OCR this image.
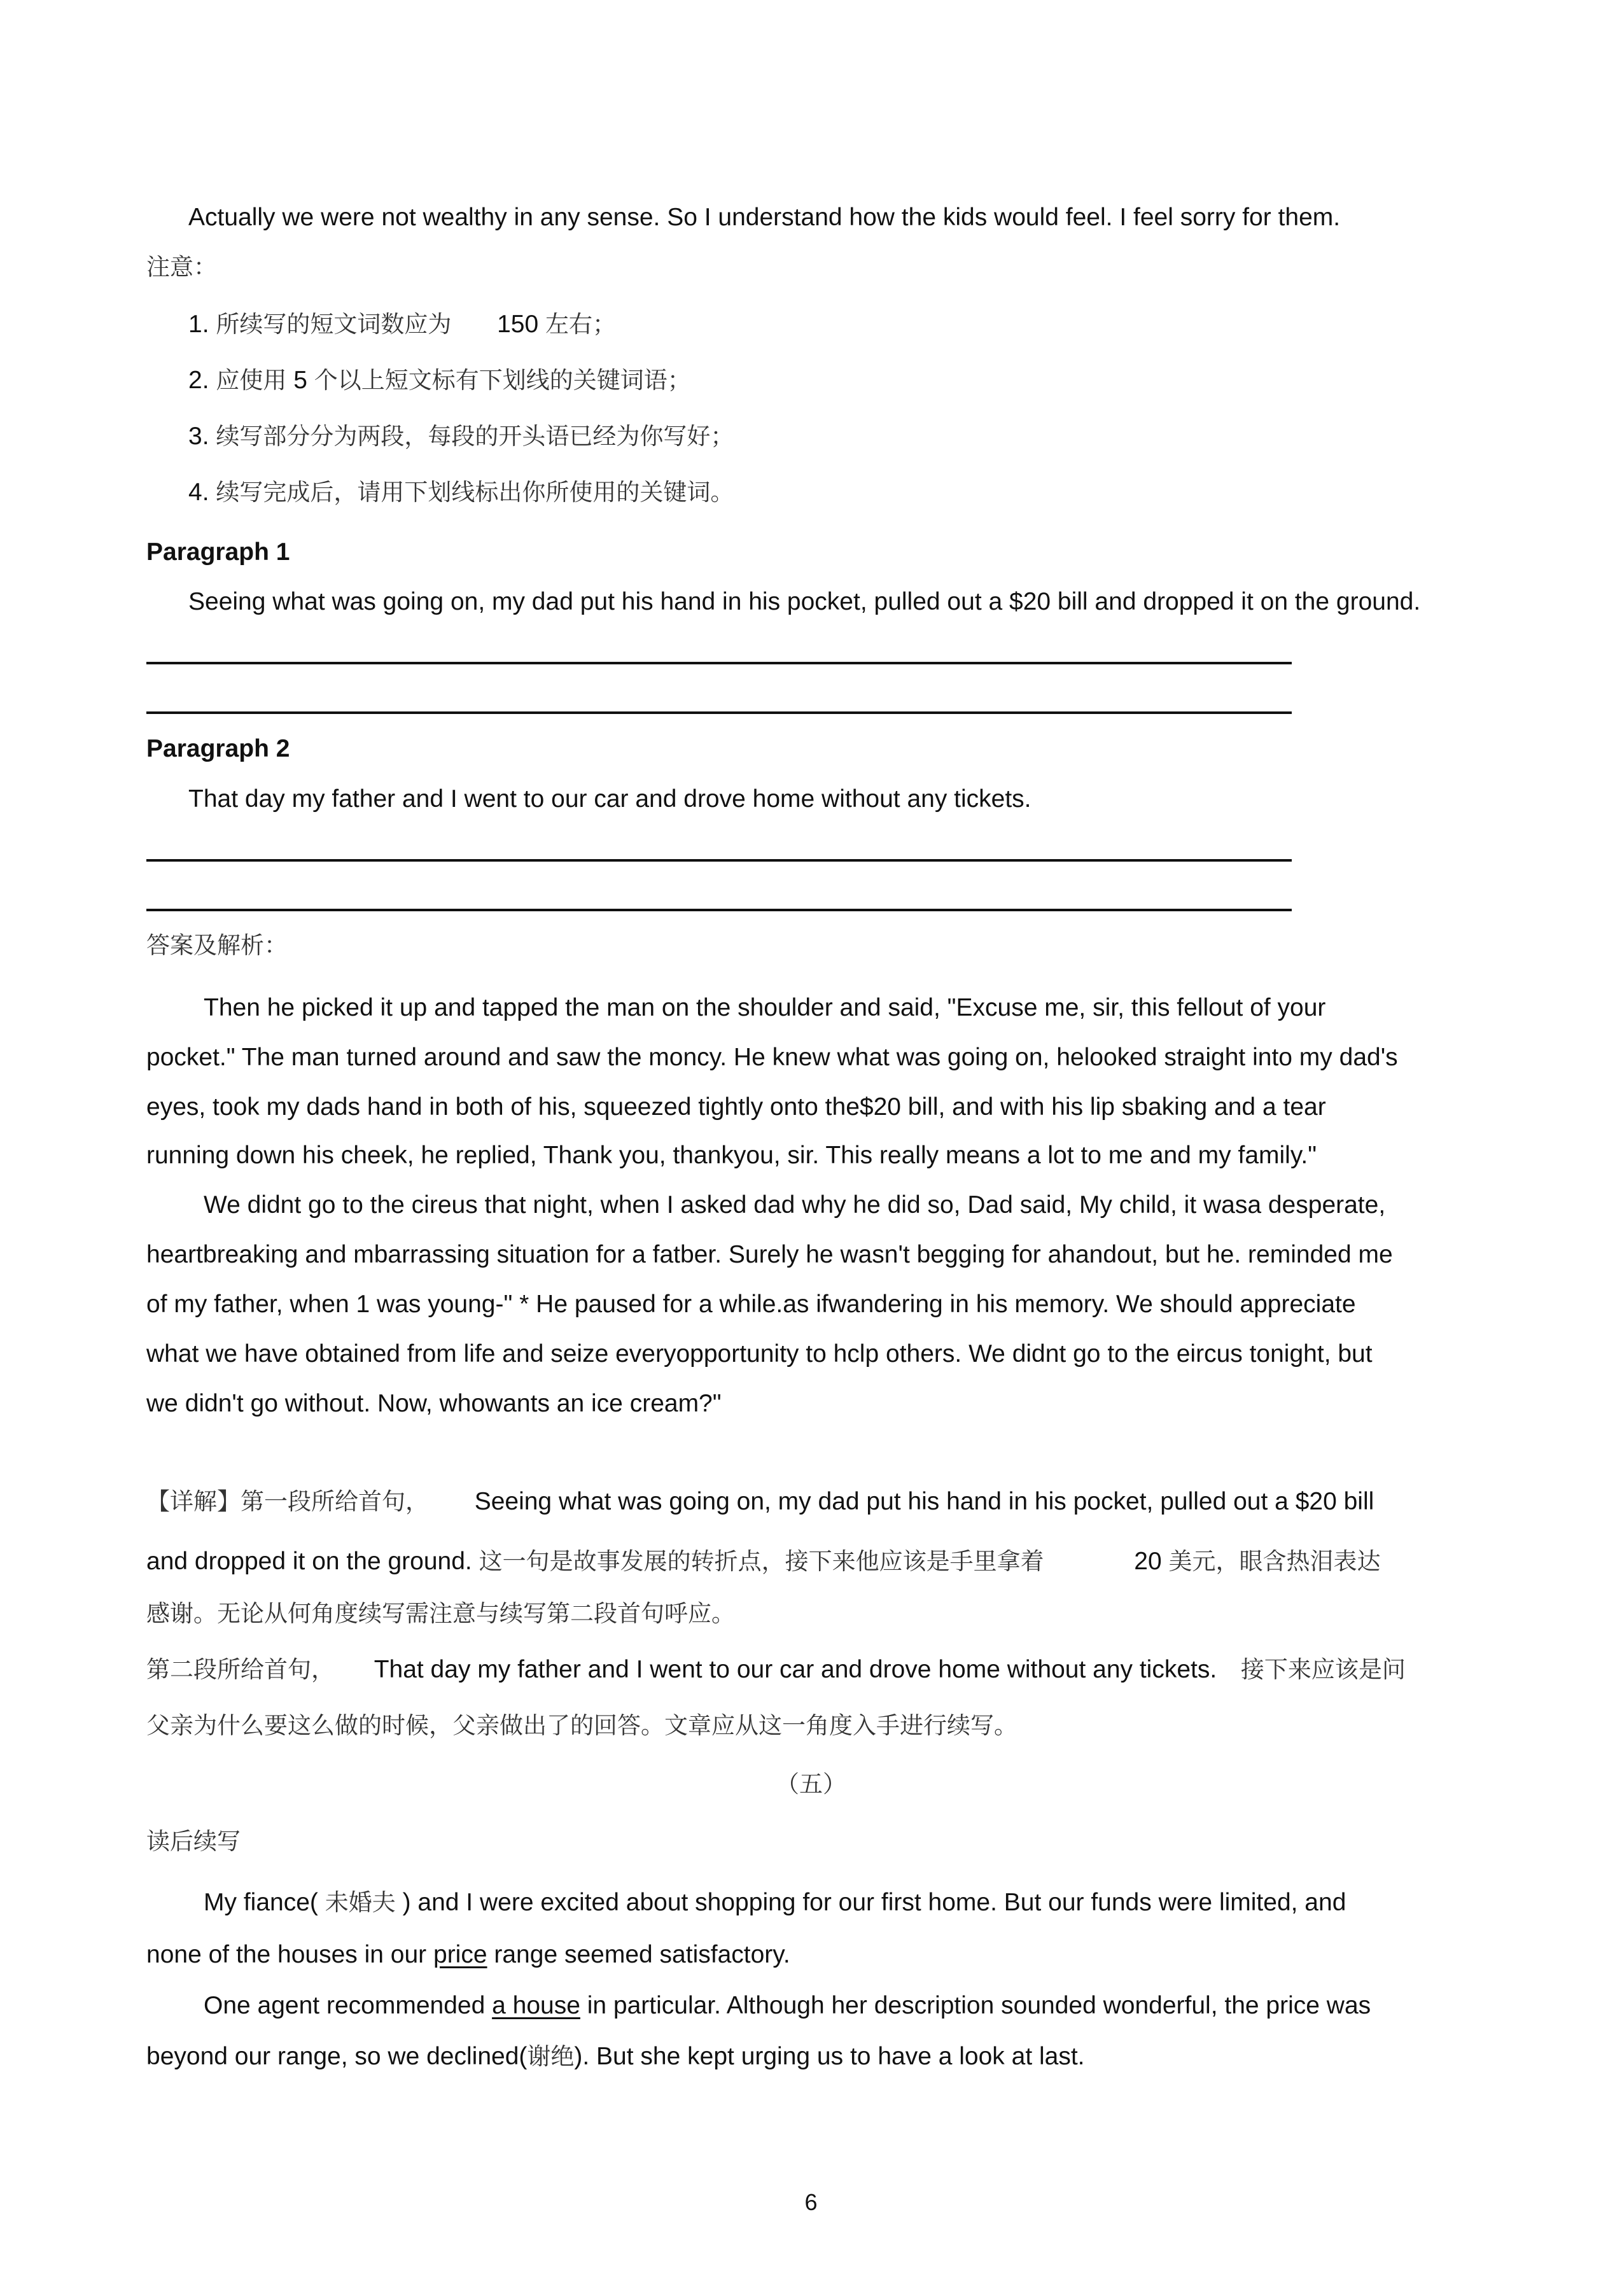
Actually we were not wealthy in any sense. So I understand how the kids would feel. I feel sorry for them.
注意：
1. 所续写的短文词数应为 150 左右；
2. 应使用 5 个以上短文标有下划线的关键词语；
3. 续写部分分为两段，每段的开头语已经为你写好；
4. 续写完成后，请用下划线标出你所使用的关键词。
Paragraph 1
Seeing what was going on, my dad put his hand in his pocket, pulled out a $20 bill and dropped it on the ground.
Paragraph 2
That day my father and I went to our car and drove home without any tickets.
答案及解析：
Then he picked it up and tapped the man on the shoulder and said, "Excuse me, sir, this fellout of your
pocket." The man turned around and saw the moncy. He knew what was going on, helooked straight into my dad's
eyes, took my dads hand in both of his, squeezed tightly onto the$20 bill, and with his lip sbaking and a tear
running down his cheek, he replied, Thank you, thankyou, sir. This really means a lot to me and my family."
We didnt go to the cireus that night, when I asked dad why he did so, Dad said, My child, it wasa desperate,
heartbreaking and mbarrassing situation for a fatber. Surely he wasn't begging for ahandout, but he. reminded me
of my father, when 1 was young-" * He paused for a while.as ifwandering in his memory. We should appreciate
what we have obtained from life and seize everyopportunity to hclp others. We didnt go to the eircus tonight, but
we didn't go without. Now, whowants an ice cream?"
【详解】第一段所给首句， Seeing what was going on, my dad put his hand in his pocket, pulled out a $20 bill
and dropped it on the ground. 这一句是故事发展的转折点，接下来他应该是手里拿着	20 美元，眼含热泪表达
感谢。无论从何角度续写需注意与续写第二段首句呼应。
第二段所给首句， That day my father and I went to our car and drove home without any tickets. 接下来应该是问
父亲为什么要这么做的时候，父亲做出了的回答。文章应从这一角度入手进行续写。
（五）
读后续写
My fiance( 未婚夫 ) and I were excited about shopping for our first home. But our funds were limited, and
none of the houses in our price range seemed satisfactory.
One agent recommended a house in particular. Although her description sounded wonderful, the price was
beyond our range, so we declined(谢绝). But she kept urging us to have a look at last.
6
